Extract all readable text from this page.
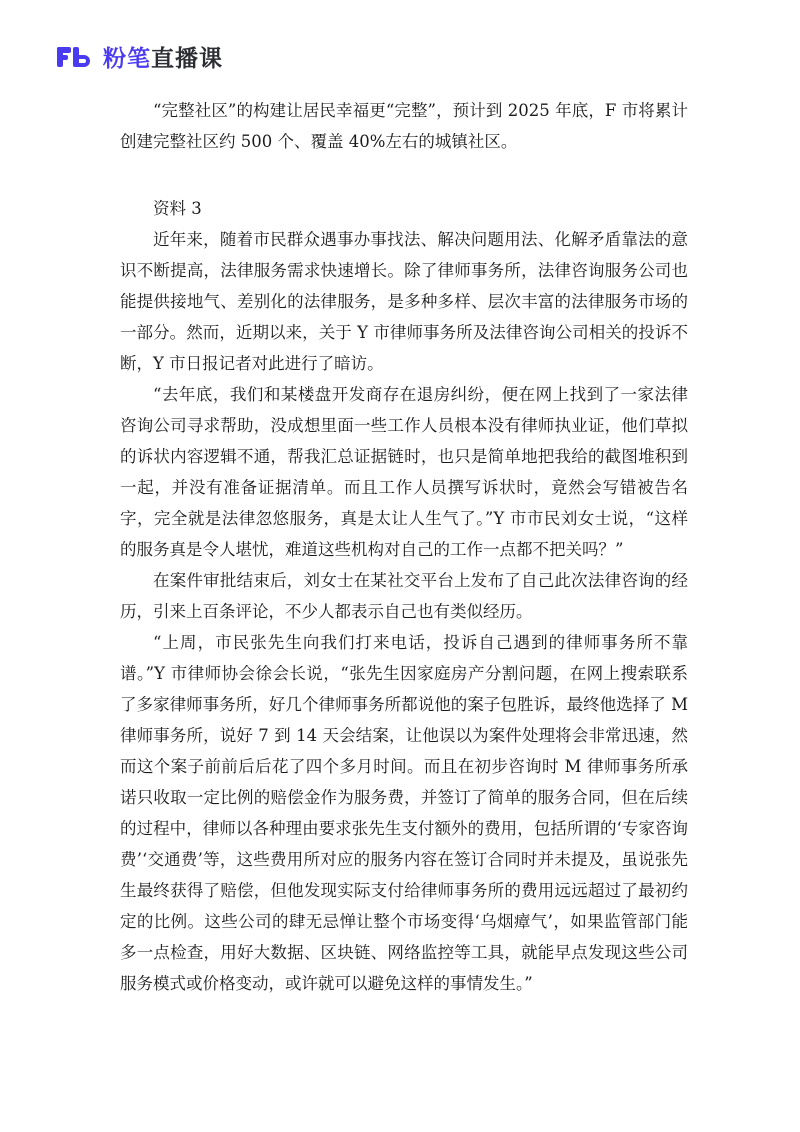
粉笔直播课

“完整社区”的构建让居民幸福更“完整”，预计到 2025 年底，F 市将累计创建完整社区约 500 个、覆盖 40%左右的城镇社区。

资料 3

近年来，随着市民群众遇事办事找法、解决问题用法、化解矛盾靠法的意识不断提高，法律服务需求快速增长。除了律师事务所，法律咨询服务公司也能提供接地气、差别化的法律服务，是多种多样、层次丰富的法律服务市场的一部分。然而，近期以来，关于 Y 市律师事务所及法律咨询公司相关的投诉不断，Y 市日报记者对此进行了暗访。

“去年底，我们和某楼盘开发商存在退房纠纷，便在网上找到了一家法律咨询公司寻求帮助，没成想里面一些工作人员根本没有律师执业证，他们草拟的诉状内容逻辑不通，帮我汇总证据链时，也只是简单地把我给的截图堆积到一起，并没有准备证据清单。而且工作人员撰写诉状时，竟然会写错被告名字，完全就是法律忽悠服务，真是太让人生气了。”Y 市市民刘女士说，“这样的服务真是令人堪忧，难道这些机构对自己的工作一点都不把关吗？”

在案件审批结束后，刘女士在某社交平台上发布了自己此次法律咨询的经历，引来上百条评论，不少人都表示自己也有类似经历。

“上周，市民张先生向我们打来电话，投诉自己遇到的律师事务所不靠谱。”Y 市律师协会徐会长说，“张先生因家庭房产分割问题，在网上搜索联系了多家律师事务所，好几个律师事务所都说他的案子包胜诉，最终他选择了 M 律师事务所，说好 7 到 14 天会结案，让他误以为案件处理将会非常迅速，然而这个案子前前后后花了四个多月时间。而且在初步咨询时 M 律师事务所承诺只收取一定比例的赔偿金作为服务费，并签订了简单的服务合同，但在后续的过程中，律师以各种理由要求张先生支付额外的费用，包括所谓的‘专家咨询费’‘交通费’等，这些费用所对应的服务内容在签订合同时并未提及，虽说张先生最终获得了赔偿，但他发现实际支付给律师事务所的费用远远超过了最初约定的比例。这些公司的肆无忌惮让整个市场变得‘乌烟瘴气’，如果监管部门能多一点检查，用好大数据、区块链、网络监控等工具，就能早点发现这些公司服务模式或价格变动，或许就可以避免这样的事情发生。”
